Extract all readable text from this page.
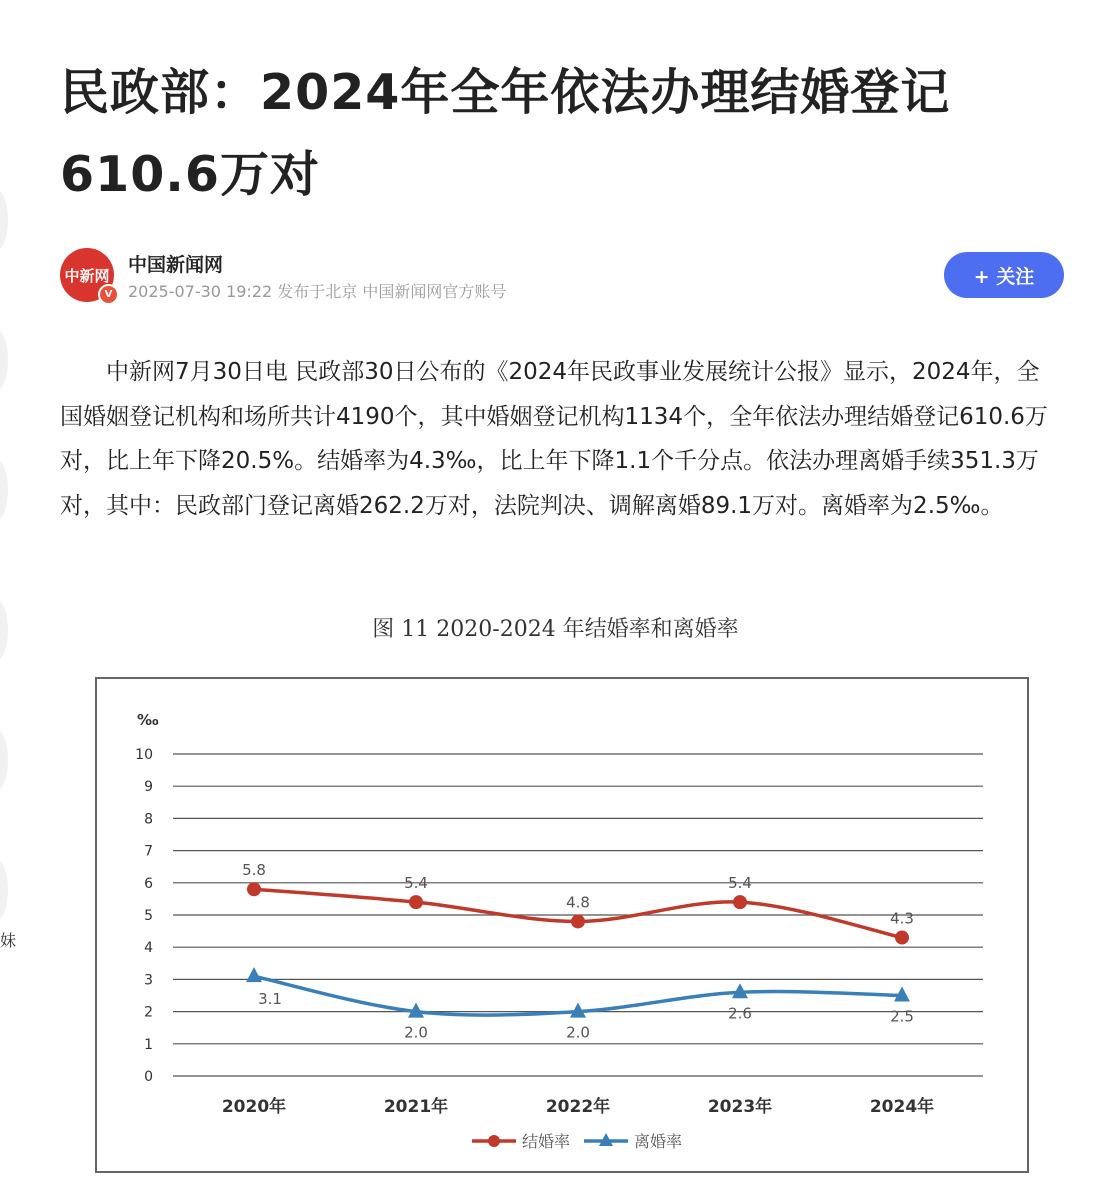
妹
民政部：2024年全年依法办理结婚登记610.6万对
中新网
V
中国新闻网
2025-07-30 19:22 发布于北京 中国新闻网官方账号
+ 关注

中新网7月30日电 民政部30日公布的《2024年民政事业发展统计公报》显示，2024年，全国婚姻登记机构和场所共计4190个，其中婚姻登记机构1134个，全年依法办理结婚登记610.6万对，比上年下降20.5%。结婚率为4.3‰，比上年下降1.1个千分点。依法办理离婚手续351.3万对，其中：民政部门登记离婚262.2万对，法院判决、调解离婚89.1万对。离婚率为2.5‰。

图 11 2020-2024 年结婚率和离婚率

‰
0
1
2
3
4
5
6
7
8
9
10
2020年	2021年	2022年	2023年	2024年
5.8
5.4
4.8
5.4
4.3
3.1
2.0	2.0
2.6	2.5
结婚率	离婚率
